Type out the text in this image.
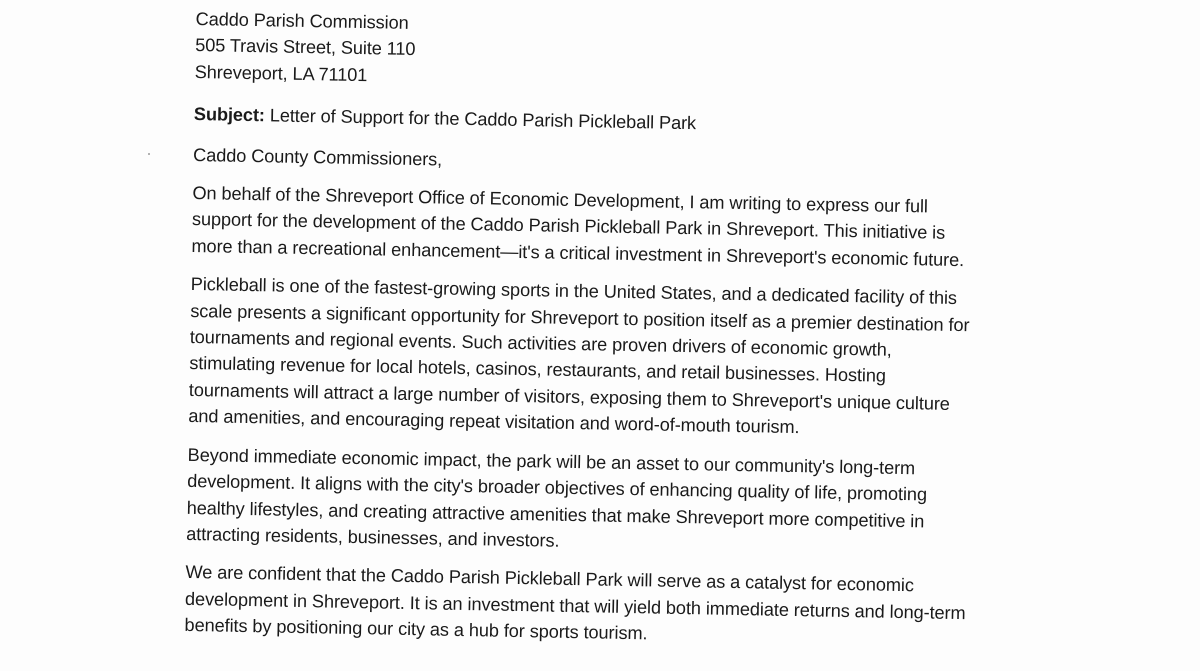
Caddo Parish Commission
505 Travis Street, Suite 110
Shreveport, LA 71101
Subject: Letter of Support for the Caddo Parish Pickleball Park
Caddo County Commissioners,
On behalf of the Shreveport Office of Economic Development, I am writing to express our full
support for the development of the Caddo Parish Pickleball Park in Shreveport. This initiative is
more than a recreational enhancement—it's a critical investment in Shreveport's economic future.
Pickleball is one of the fastest-growing sports in the United States, and a dedicated facility of this
scale presents a significant opportunity for Shreveport to position itself as a premier destination for
tournaments and regional events. Such activities are proven drivers of economic growth,
stimulating revenue for local hotels, casinos, restaurants, and retail businesses. Hosting
tournaments will attract a large number of visitors, exposing them to Shreveport's unique culture
and amenities, and encouraging repeat visitation and word-of-mouth tourism.
Beyond immediate economic impact, the park will be an asset to our community's long-term
development. It aligns with the city's broader objectives of enhancing quality of life, promoting
healthy lifestyles, and creating attractive amenities that make Shreveport more competitive in
attracting residents, businesses, and investors.
We are confident that the Caddo Parish Pickleball Park will serve as a catalyst for economic
development in Shreveport. It is an investment that will yield both immediate returns and long-term
benefits by positioning our city as a hub for sports tourism.
